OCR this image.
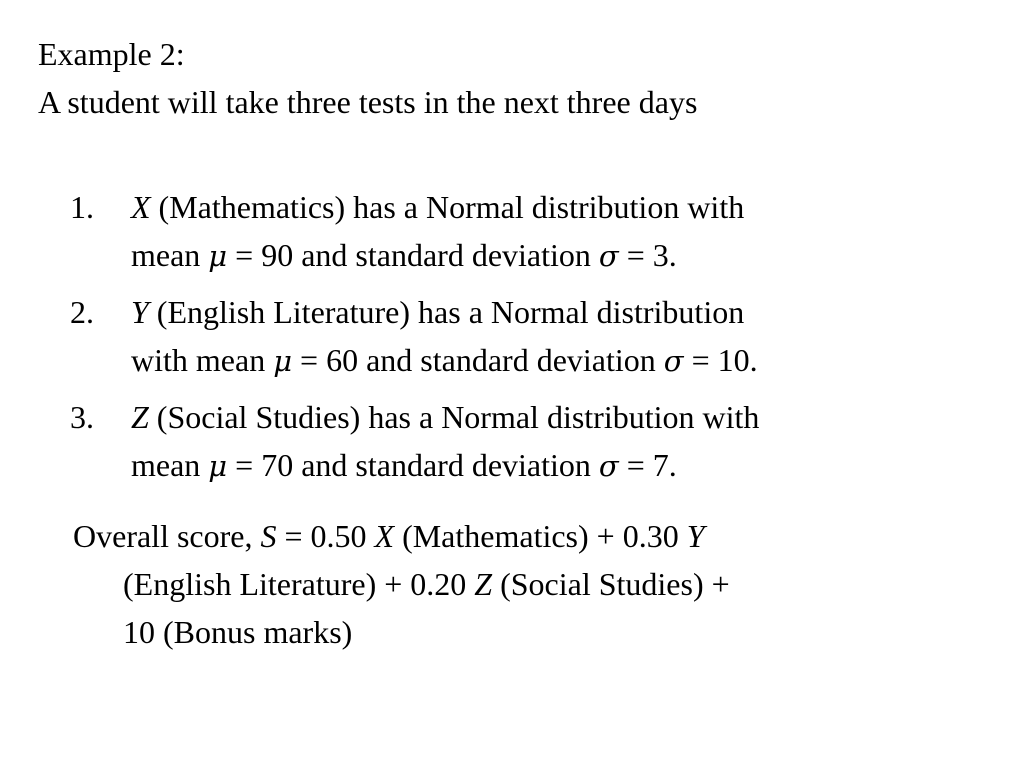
Example 2:
A student will take three tests in the next three days
1. X (Mathematics) has a Normal distribution with
mean μ = 90 and standard deviation σ = 3.
2. Y (English Literature) has a Normal distribution
with mean μ = 60 and standard deviation σ = 10.
3. Z (Social Studies) has a Normal distribution with
mean μ = 70 and standard deviation σ = 7.
Overall score, S = 0.50 X (Mathematics) + 0.30 Y
(English Literature) + 0.20 Z (Social Studies) +
10 (Bonus marks)
